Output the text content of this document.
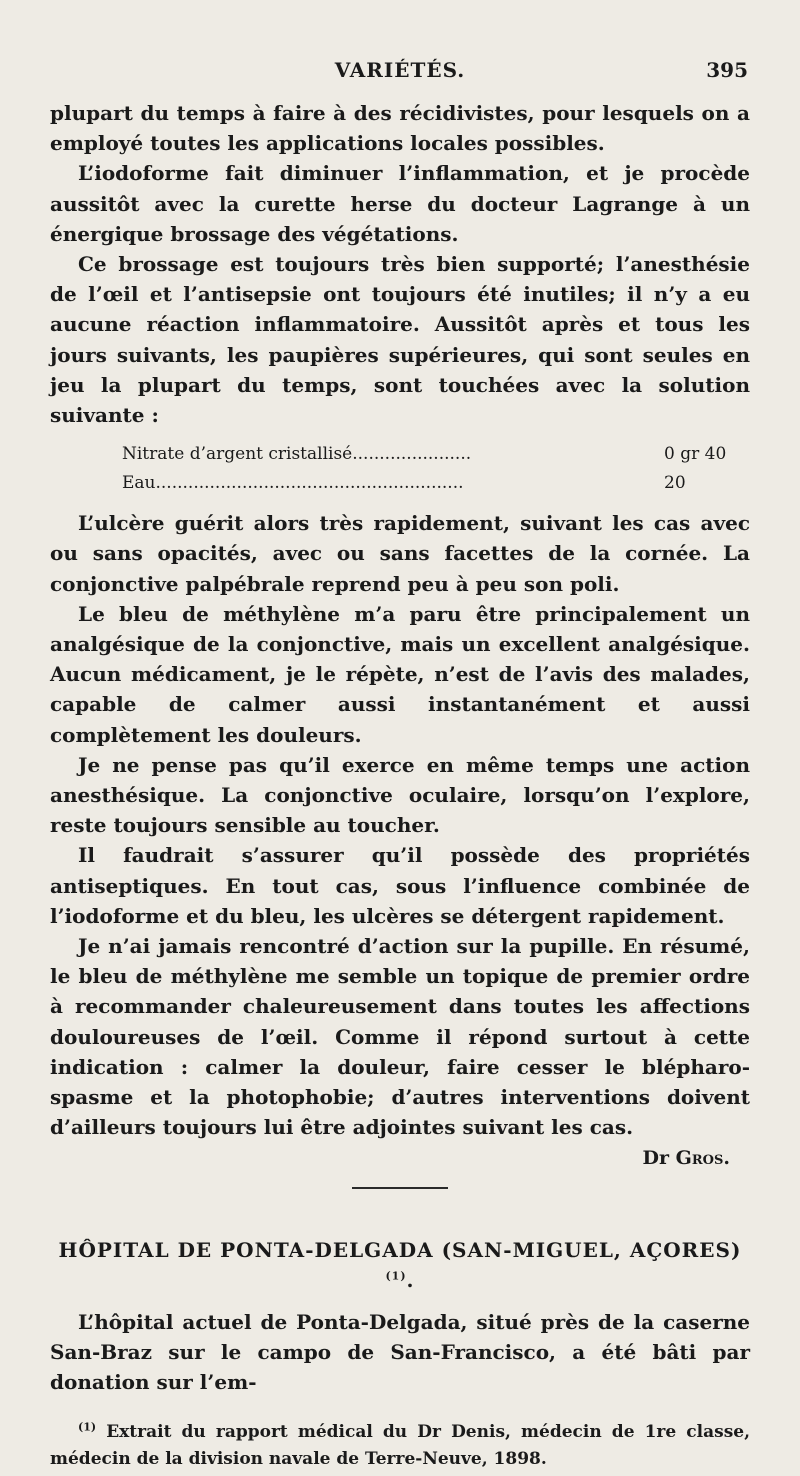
VARIÉTÉS.	395

plupart du temps à faire à des récidivistes, pour lesquels on a employé toutes les applications locales possibles.

L’iodoforme fait diminuer l’inflammation, et je procède aussitôt avec la curette herse du docteur Lagrange à un énergique brossage des végétations.

Ce brossage est toujours très bien supporté; l’anesthésie de l’œil et l’antisepsie ont toujours été inutiles; il n’y a eu aucune réaction inflammatoire. Aussitôt après et tous les jours suivants, les paupières supérieures, qui sont seules en jeu la plupart du temps, sont touchées avec la solution suivante :

Nitrate d’argent cristallisé......................	0 gr 40
Eau.........................................................	20

L’ulcère guérit alors très rapidement, suivant les cas avec ou sans opacités, avec ou sans facettes de la cornée. La conjonctive palpébrale reprend peu à peu son poli.

Le bleu de méthylène m’a paru être principalement un analgésique de la conjonctive, mais un excellent analgésique. Aucun médicament, je le répète, n’est de l’avis des malades, capable de calmer aussi instantanément et aussi complètement les douleurs.

Je ne pense pas qu’il exerce en même temps une action anesthésique. La conjonctive oculaire, lorsqu’on l’explore, reste toujours sensible au toucher.

Il faudrait s’assurer qu’il possède des propriétés antiseptiques. En tout cas, sous l’influence combinée de l’iodoforme et du bleu, les ulcères se détergent rapidement.

Je n’ai jamais rencontré d’action sur la pupille. En résumé, le bleu de méthylène me semble un topique de premier ordre à recommander chaleureusement dans toutes les affections douloureuses de l’œil. Comme il répond surtout à cette indication : calmer la douleur, faire cesser le blépharo-spasme et la photophobie; d’autres interventions doivent d’ailleurs toujours lui être adjointes suivant les cas.

Dr Gros.
HÔPITAL DE PONTA-DELGADA (SAN-MIGUEL, AÇORES)$^{(1)}$.

L’hôpital actuel de Ponta-Delgada, situé près de la caserne San-Braz sur le campo de San-Francisco, a été bâti par donation sur l’em-

$^{(1)}$ Extrait du rapport médical du Dr Denis, médecin de 1re classe, médecin de la division navale de Terre-Neuve, 1898.
